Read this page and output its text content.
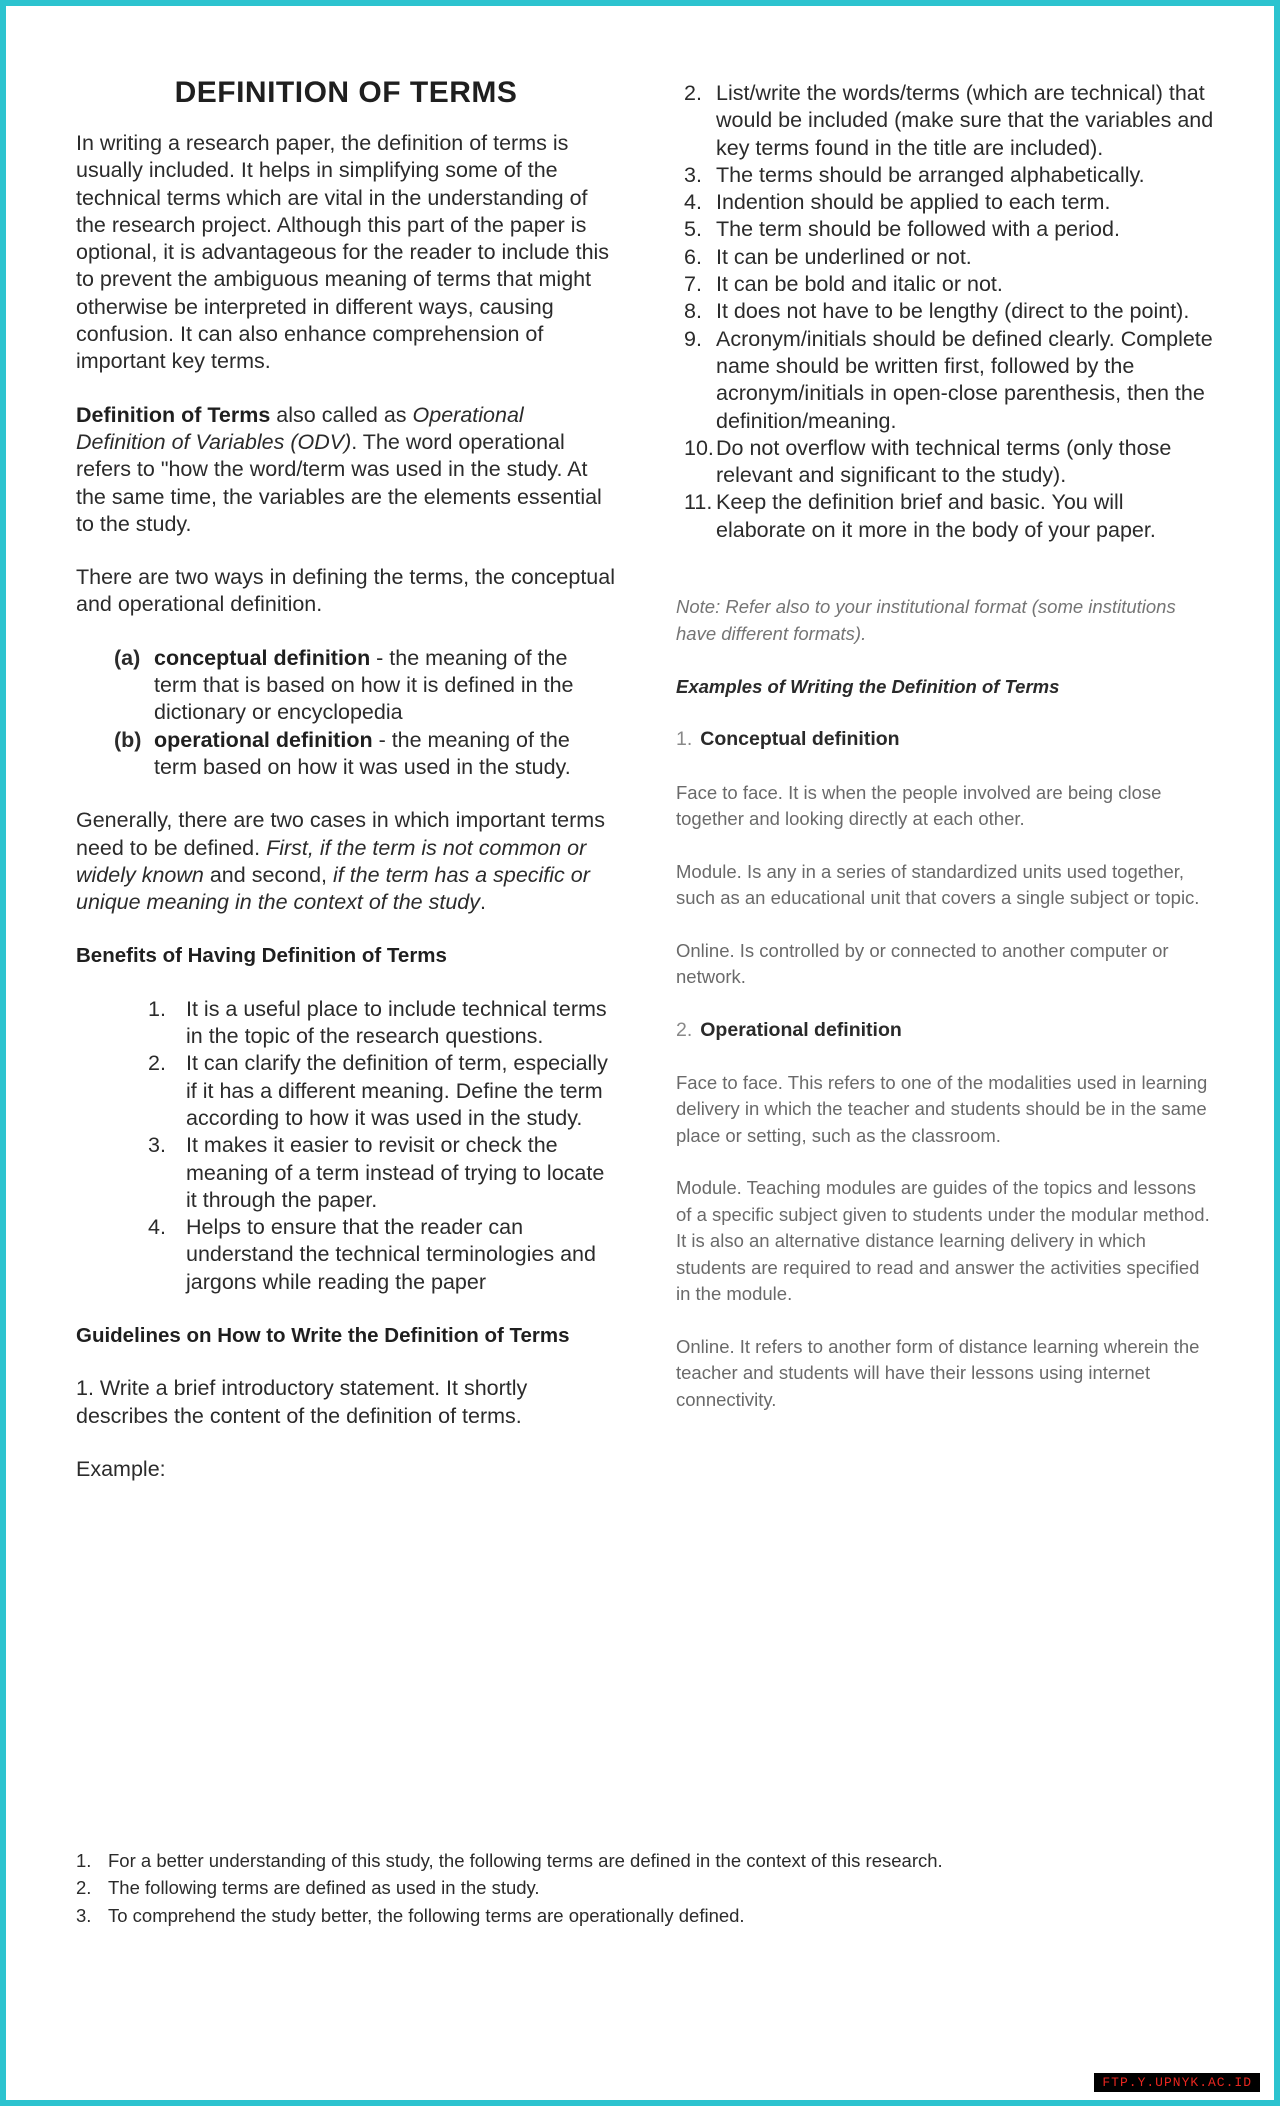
DEFINITION OF TERMS

In writing a research paper, the definition of terms is usually included. It helps in simplifying some of the technical terms which are vital in the understanding of the research project. Although this part of the paper is optional, it is advantageous for the reader to include this to prevent the ambiguous meaning of terms that might otherwise be interpreted in different ways, causing confusion. It can also enhance comprehension of important key terms.

Definition of Terms also called as Operational Definition of Variables (ODV). The word operational refers to "how the word/term was used in the study. At the same time, the variables are the elements essential to the study.

There are two ways in defining the terms, the conceptual and operational definition.

(a) conceptual definition - the meaning of the term that is based on how it is defined in the dictionary or encyclopedia
(b) operational definition - the meaning of the term based on how it was used in the study.

Generally, there are two cases in which important terms need to be defined. First, if the term is not common or widely known and second, if the term has a specific or unique meaning in the context of the study.

Benefits of Having Definition of Terms
1. It is a useful place to include technical terms in the topic of the research questions.
2. It can clarify the definition of term, especially if it has a different meaning. Define the term according to how it was used in the study.
3. It makes it easier to revisit or check the meaning of a term instead of trying to locate it through the paper.
4. Helps to ensure that the reader can understand the technical terminologies and jargons while reading the paper
Guidelines on How to Write the Definition of Terms

1. Write a brief introductory statement. It shortly describes the content of the definition of terms.

Example:

2. List/write the words/terms (which are technical) that would be included (make sure that the variables and key terms found in the title are included).
3. The terms should be arranged alphabetically.
4. Indention should be applied to each term.
5. The term should be followed with a period.
6. It can be underlined or not.
7. It can be bold and italic or not.
8. It does not have to be lengthy (direct to the point).
9. Acronym/initials should be defined clearly. Complete name should be written first, followed by the acronym/initials in open-close parenthesis, then the definition/meaning.
10. Do not overflow with technical terms (only those relevant and significant to the study).
11. Keep the definition brief and basic. You will elaborate on it more in the body of your paper.
Note: Refer also to your institutional format (some institutions have different formats).
Examples of Writing the Definition of Terms
1. Conceptual definition

Face to face. It is when the people involved are being close together and looking directly at each other.

Module. Is any in a series of standardized units used together, such as an educational unit that covers a single subject or topic.

Online. Is controlled by or connected to another computer or network.

2. Operational definition

Face to face. This refers to one of the modalities used in learning delivery in which the teacher and students should be in the same place or setting, such as the classroom.

Module. Teaching modules are guides of the topics and lessons of a specific subject given to students under the modular method. It is also an alternative distance learning delivery in which students are required to read and answer the activities specified in the module.

Online. It refers to another form of distance learning wherein the teacher and students will have their lessons using internet connectivity.

1. For a better understanding of this study, the following terms are defined in the context of this research.
2. The following terms are defined as used in the study.
3. To comprehend the study better, the following terms are operationally defined.
FTP.Y.UPNYK.AC.ID
